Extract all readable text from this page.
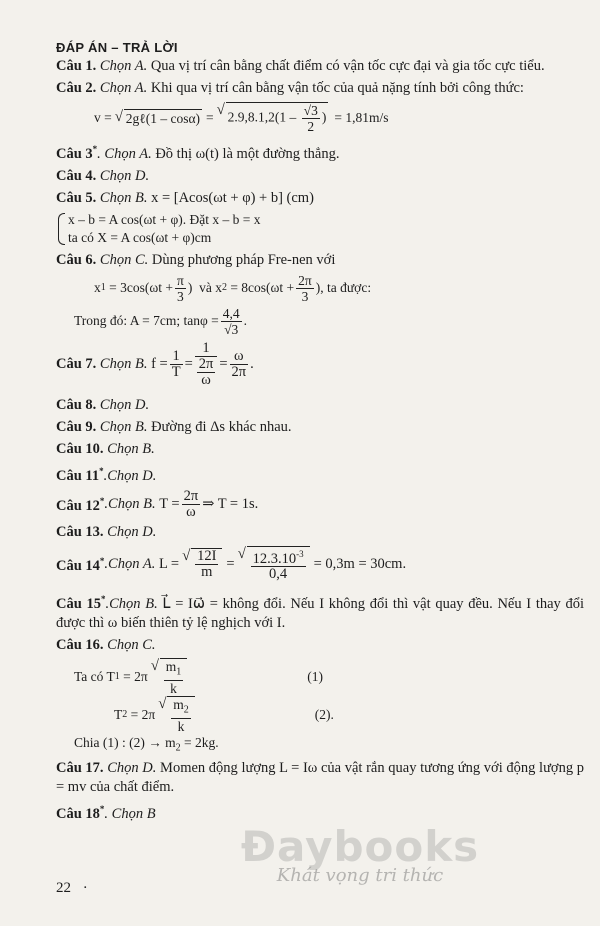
ĐÁP ÁN – TRẢ LỜI
Câu 1. Chọn A. Qua vị trí cân bằng chất điểm có vận tốc cực đại và gia tốc cực tiểu.
Câu 2. Chọn A. Khi qua vị trí cân bằng vận tốc của quả nặng tính bởi công thức:
v = √ 2gℓ(1 – cosα) = √ $2.9,8.1,2(1 - \frac{√3}{2}$ ) = 1,81m/s
Câu 3*. Chọn A. Đồ thị ω(t) là một đường thẳng.
Câu 4. Chọn D.
Câu 5. Chọn B. x = [Acos(ωt + φ) + b] (cm)
x – b = A cos(ωt + φ). Đặt x – b = x
ta có X = A cos(ωt + φ)cm
Câu 6. Chọn C. Dùng phương pháp Fre-nen với
x 1
= 3cos ( $\omega t + \frac{\pi}{3}$ ) và
x 2
= 8cos ( $\omega t + \frac{2\pi}{3}$ ) , ta được:
Trong đó: A = 7cm; $\tan\varphi = \frac{4,4}{√3}$ .
Câu 7.
Chọn B.
$f = \frac{1}{T} = \frac{1}{\frac{2\pi}{\omega}} = \frac{\omega}{2\pi}$ .
Câu 8. Chọn D.
Câu 9. Chọn B. Đường đi Δs khác nhau.
Câu 10. Chọn B.
Câu 11*.Chọn D.
Câu 12* .Chọn B.
$T = \frac{2\pi}{\omega}$ ⇒ T = 1s.
Câu 13. Chọn D.
Câu 14* .Chọn A.
L = √ $\frac{12I}{m}$ = √ $\frac{12.3.10^{-3}}{0,4} = 0,3m = 30cm$.
Câu 15*.Chọn B. L⃗ = Iω⃗ = không đổi. Nếu I không đổi thì vật quay đều. Nếu I thay đổi được thì ω biến thiên tỷ lệ nghịch với I.
Câu 16. Chọn C.
Ta có T 1
= 2π √ $\frac{m_1}{k}$	(1)
T 2
= 2π √ $\frac{m_2}{k}$	(2).
Chia (1) : $(2) \to m_2 = 2kg$.
Câu 17. Chọn D. Momen động lượng L = Iω của vật rắn quay tương ứng với động lượng p = mv của chất điểm.
Câu 18*. Chọn B
Đaybooks
Khát vọng tri thức
22 ·
